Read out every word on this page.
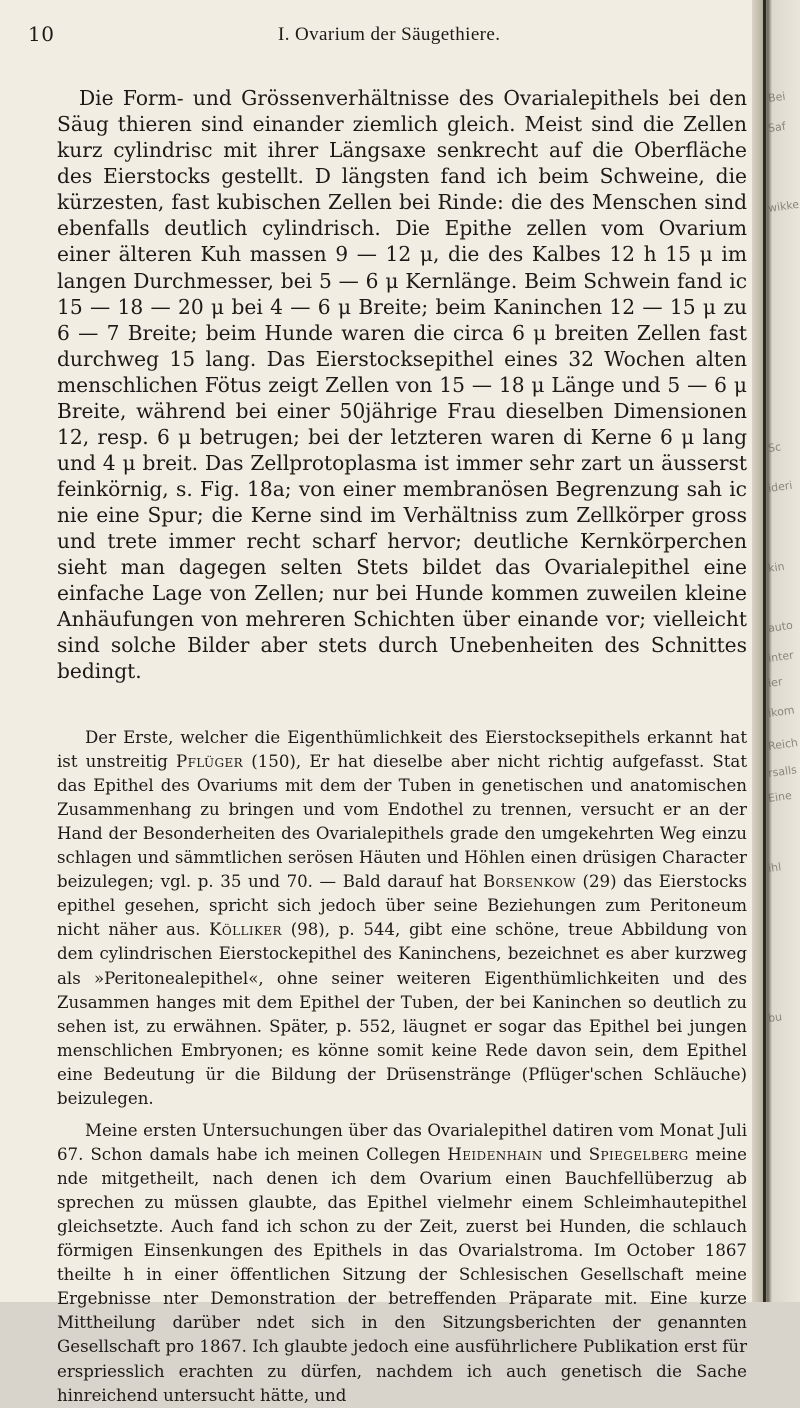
Bei
Saf
wikke
Sc
ideri
kin
auto
inter
ier
ikom
Reich
rsalls
Eine
ihl
bu
10	I. Ovarium der Säugethiere.

Die Form- und Grössenverhältnisse des Ovarialepithels bei den Säug thieren sind einander ziemlich gleich. Meist sind die Zellen kurz cylindrisc mit ihrer Längsaxe senkrecht auf die Oberfläche des Eierstocks gestellt. D längsten fand ich beim Schweine, die kürzesten, fast kubischen Zellen bei Rinde: die des Menschen sind ebenfalls deutlich cylindrisch. Die Epithe zellen vom Ovarium einer älteren Kuh massen 9 — 12 μ, die des Kalbes 12 h 15 μ im langen Durchmesser, bei 5 — 6 μ Kernlänge. Beim Schwein fand ic 15 — 18 — 20 μ bei 4 — 6 μ Breite; beim Kaninchen 12 — 15 μ zu 6 — 7 Breite; beim Hunde waren die circa 6 μ breiten Zellen fast durchweg 15 lang. Das Eierstocksepithel eines 32 Wochen alten menschlichen Fötus zeigt Zellen von 15 — 18 μ Länge und 5 — 6 μ Breite, während bei einer 50jährige Frau dieselben Dimensionen 12, resp. 6 μ betrugen; bei der letzteren waren di Kerne 6 μ lang und 4 μ breit. Das Zellprotoplasma ist immer sehr zart un äusserst feinkörnig, s. Fig. 18a; von einer membranösen Begrenzung sah ic nie eine Spur; die Kerne sind im Verhältniss zum Zellkörper gross und trete immer recht scharf hervor; deutliche Kernkörperchen sieht man dagegen selten Stets bildet das Ovarialepithel eine einfache Lage von Zellen; nur bei Hunde kommen zuweilen kleine Anhäufungen von mehreren Schichten über einande vor; vielleicht sind solche Bilder aber stets durch Unebenheiten des Schnittes bedingt.

Der Erste, welcher die Eigenthümlichkeit des Eierstocksepithels erkannt hat ist unstreitig Pflüger (150), Er hat dieselbe aber nicht richtig aufgefasst. Stat das Epithel des Ovariums mit dem der Tuben in genetischen und anatomischen Zusammenhang zu bringen und vom Endothel zu trennen, versucht er an der Hand der Besonderheiten des Ovarialepithels grade den umgekehrten Weg einzu schlagen und sämmtlichen serösen Häuten und Höhlen einen drüsigen Character beizulegen; vgl. p. 35 und 70. — Bald darauf hat Borsenkow (29) das Eierstocks epithel gesehen, spricht sich jedoch über seine Beziehungen zum Peritoneum nicht näher aus. Kölliker (98), p. 544, gibt eine schöne, treue Abbildung von dem cylindrischen Eierstockepithel des Kaninchens, bezeichnet es aber kurzweg als »Peritonealepithel«, ohne seiner weiteren Eigenthümlichkeiten und des Zusammen hanges mit dem Epithel der Tuben, der bei Kaninchen so deutlich zu sehen ist, zu erwähnen. Später, p. 552, läugnet er sogar das Epithel bei jungen menschlichen Embryonen; es könne somit keine Rede davon sein, dem Epithel eine Bedeutung ür die Bildung der Drüsenstränge (Pflüger'schen Schläuche) beizulegen.

Meine ersten Untersuchungen über das Ovarialepithel datiren vom Monat Juli 67. Schon damals habe ich meinen Collegen Heidenhain und Spiegelberg meine nde mitgetheilt, nach denen ich dem Ovarium einen Bauchfellüberzug ab sprechen zu müssen glaubte, das Epithel vielmehr einem Schleimhautepithel gleichsetzte. Auch fand ich schon zu der Zeit, zuerst bei Hunden, die schlauch förmigen Einsenkungen des Epithels in das Ovarialstroma. Im October 1867 theilte h in einer öffentlichen Sitzung der Schlesischen Gesellschaft meine Ergebnisse nter Demonstration der betreffenden Präparate mit. Eine kurze Mittheilung darüber ndet sich in den Sitzungsberichten der genannten Gesellschaft pro 1867. Ich glaubte jedoch eine ausführlichere Publikation erst für erspriesslich erachten zu dürfen, nachdem ich auch genetisch die Sache hinreichend untersucht hätte, und
